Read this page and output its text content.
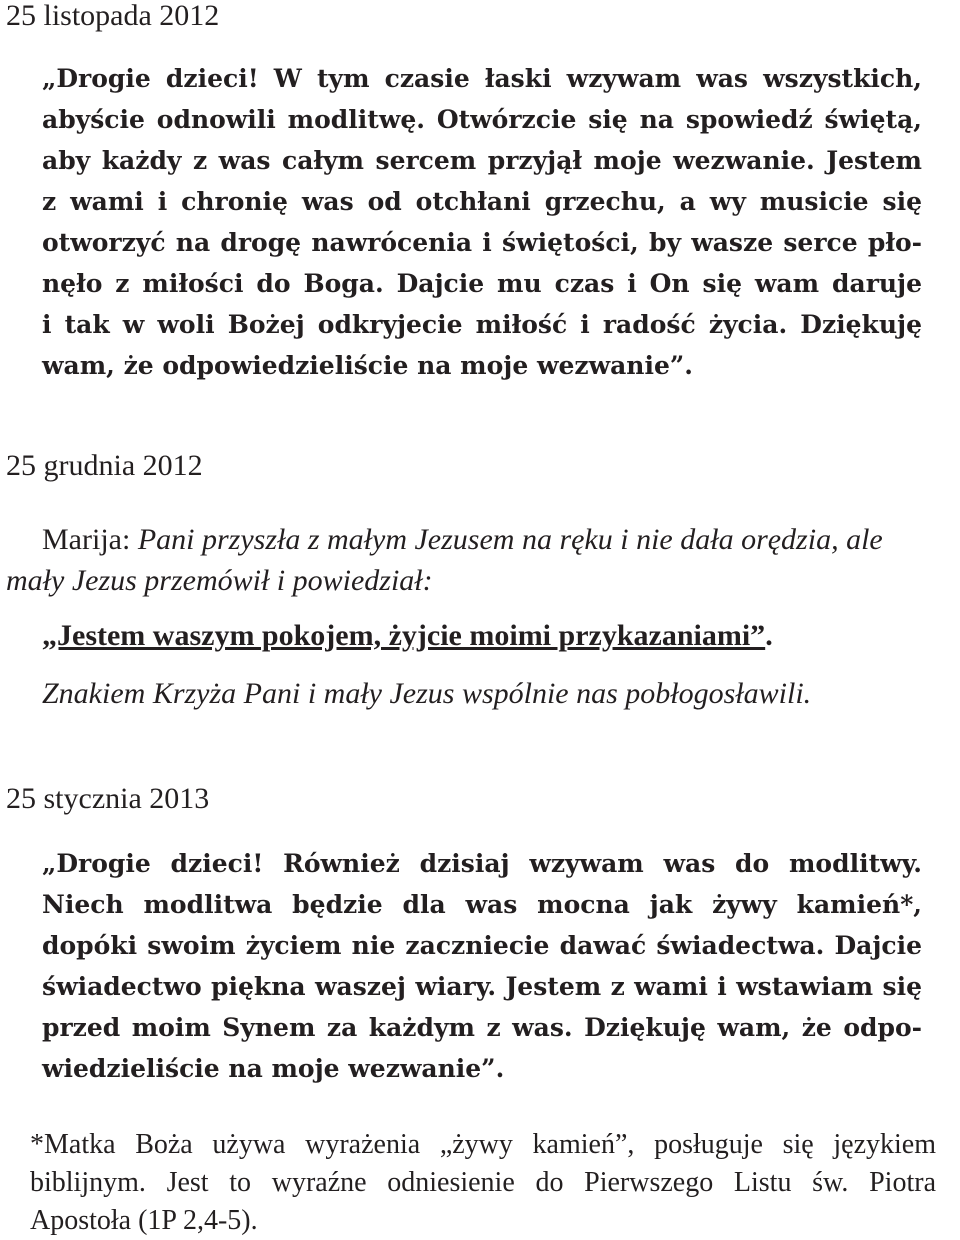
25 listopada 2012
„Drogie dzieci! W tym czasie łaski wzywam was wszystkich,
abyście odnowili modlitwę. Otwórzcie się na spowiedź świętą,
aby każdy z was całym sercem przyjął moje wezwanie. Jestem
z wami i chronię was od otchłani grzechu, a wy musicie się
otworzyć na drogę nawrócenia i świętości, by wasze serce pło-
nęło z miłości do Boga. Dajcie mu czas i On się wam daruje
i tak w woli Bożej odkryjecie miłość i radość życia. Dziękuję
wam, że odpowiedzieliście na moje wezwanie”.
25 grudnia 2012
Marija: Pani przyszła z małym Jezusem na ręku i nie dała orędzia, ale
mały Jezus przemówił i powiedział:
„Jestem waszym pokojem, żyjcie moimi przykazaniami”.
Znakiem Krzyża Pani i mały Jezus wspólnie nas pobłogosławili.
25 stycznia 2013
„Drogie dzieci! Również dzisiaj wzywam was do modlitwy.
Niech modlitwa będzie dla was mocna jak żywy kamień*,
dopóki swoim życiem nie zaczniecie dawać świadectwa. Dajcie
świadectwo piękna waszej wiary. Jestem z wami i wstawiam się
przed moim Synem za każdym z was. Dziękuję wam, że odpo-
wiedzieliście na moje wezwanie”.
*Matka Boża używa wyrażenia „żywy kamień”, posługuje się językiem
biblijnym. Jest to wyraźne odniesienie do Pierwszego Listu św. Piotra
Apostoła (1P 2,4-5).
